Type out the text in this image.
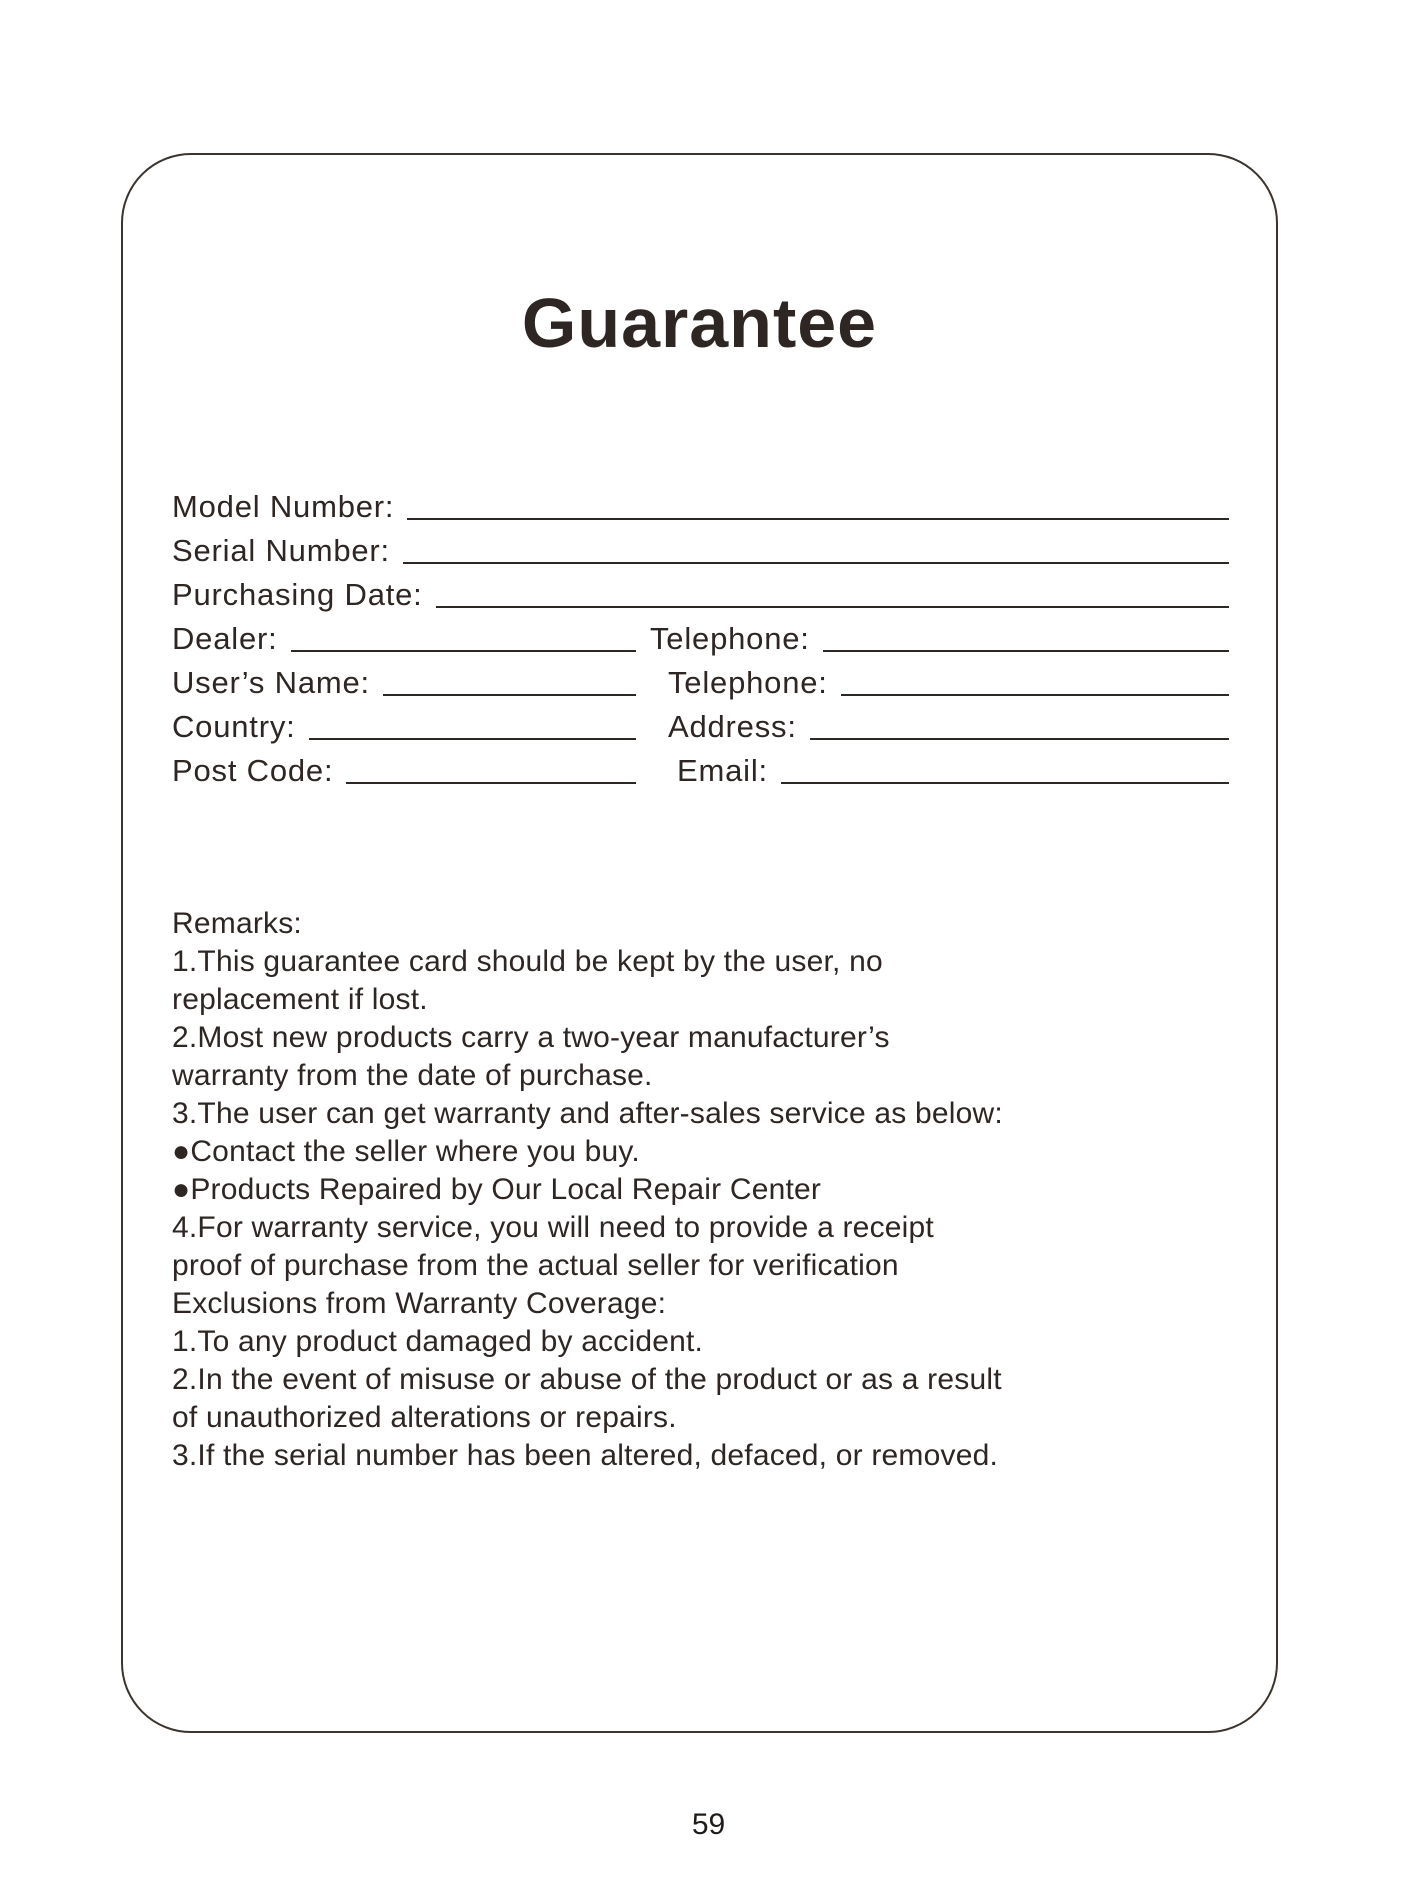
Guarantee
Model Number:
Serial Number:
Purchasing Date:
Dealer:	Telephone:
User’s Name:	Telephone:
Country:	Address:
Post Code:	Email:
Remarks:
1.This guarantee card should be kept by the user, no
replacement if lost.
2.Most new products carry a two-year manufacturer’s
warranty from the date of purchase.
3.The user can get warranty and after-sales service as below:
●Contact the seller where you buy.
●Products Repaired by Our Local Repair Center
4.For warranty service, you will need to provide a receipt
proof of purchase from the actual seller for verification
Exclusions from Warranty Coverage:
1.To any product damaged by accident.
2.In the event of misuse or abuse of the product or as a result
of unauthorized alterations or repairs.
3.If the serial number has been altered, defaced, or removed.
59
